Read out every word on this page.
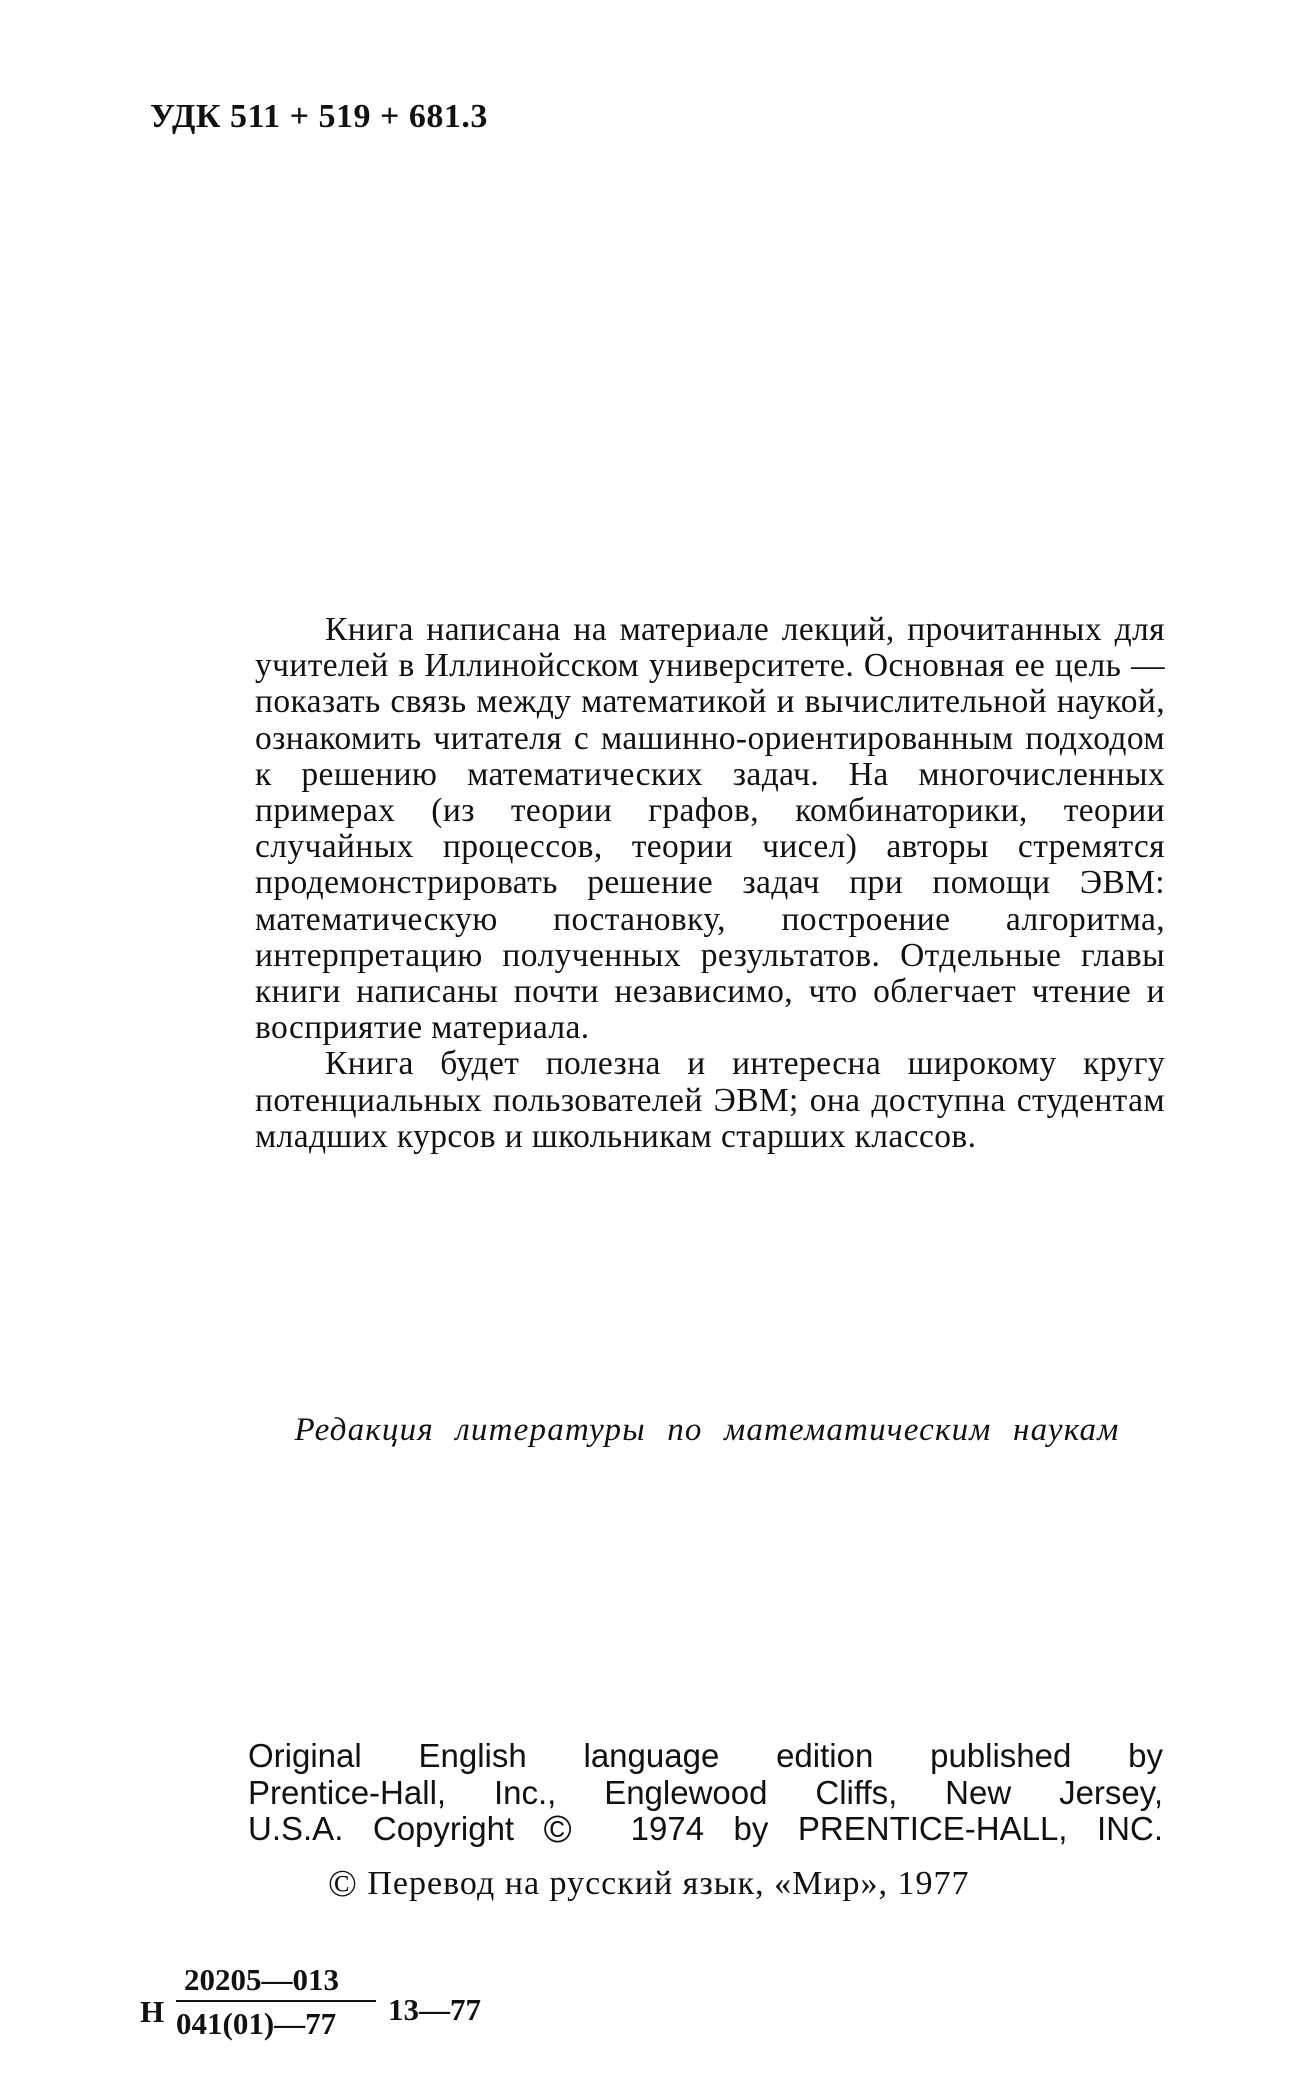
УДК 511 + 519 + 681.3

Книга написана на материале лекций, прочитанных для учителей в Иллинойсском университете. Основная ее цель — показать связь между математикой и вычислительной наукой, ознакомить читателя с машинно-ориентированным подходом к решению математических задач. На многочисленных примерах (из теории графов, комбинаторики, теории случайных процессов, теории чисел) авторы стремятся продемонстрировать решение задач при помощи ЭВМ: математическую постановку, построение алгоритма, интерпретацию полученных результатов. Отдельные главы книги написаны почти независимо, что облегчает чтение и восприятие материала.

Книга будет полезна и интересна широкому кругу потенциальных пользователей ЭВМ; она доступна студентам младших курсов и школьникам старших классов.

Редакция литературы по математическим наукам
Original English language edition published by
Prentice-Hall, Inc., Englewood Cliffs, New Jersey,
U.S.A. Copyright © 1974 by PRENTICE-HALL, INC.
© Перевод на русский язык, «Мир», 1977
Н
20205—013
041(01)—77	13—77
